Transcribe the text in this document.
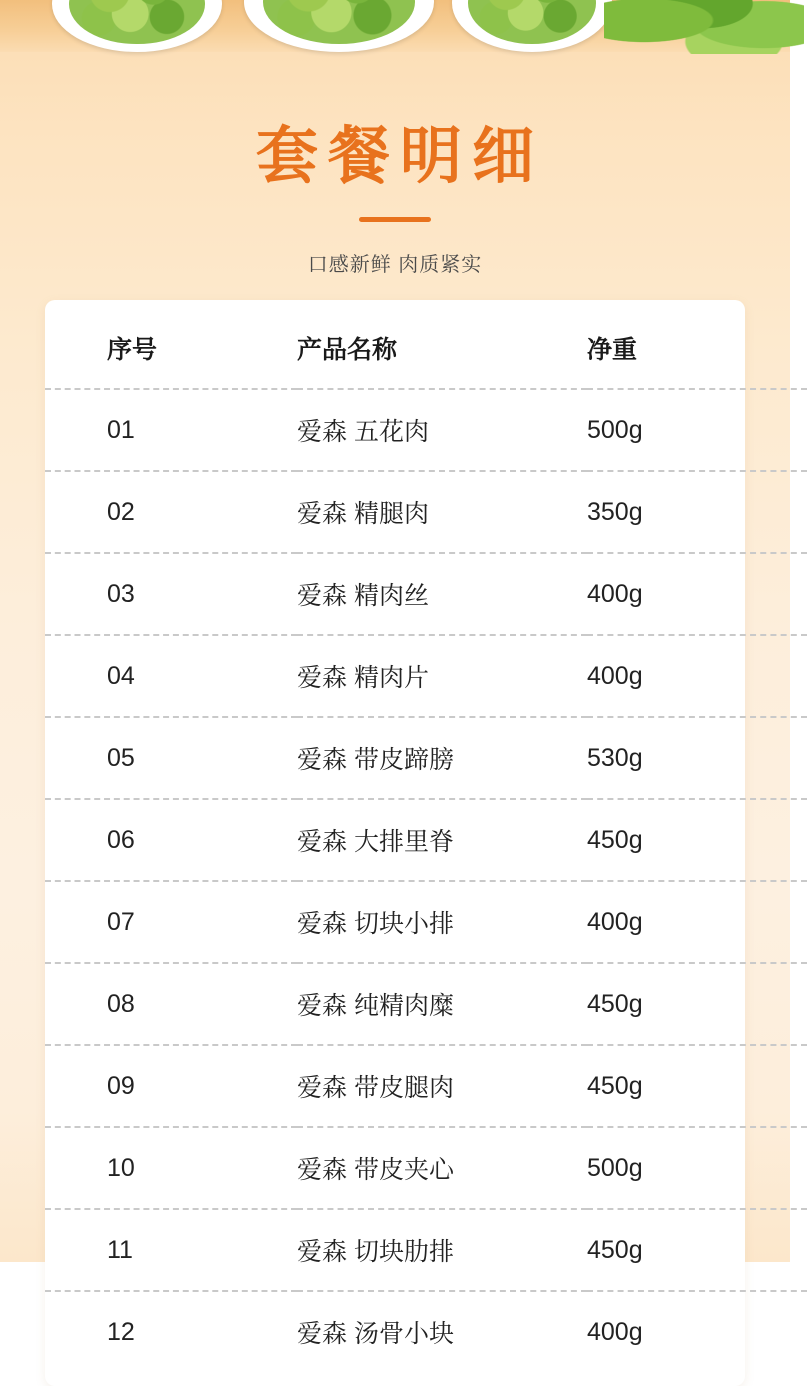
套餐明细
口感新鲜 肉质紧实
序号	产品名称	净重
01	爱森 五花肉	500g
02	爱森 精腿肉	350g
03	爱森 精肉丝	400g
04	爱森 精肉片	400g
05	爱森 带皮蹄膀	530g
06	爱森 大排里脊	450g
07	爱森 切块小排	400g
08	爱森 纯精肉糜	450g
09	爱森 带皮腿肉	450g
10	爱森 带皮夹心	500g
11	爱森 切块肋排	450g
12	爱森 汤骨小块	400g
